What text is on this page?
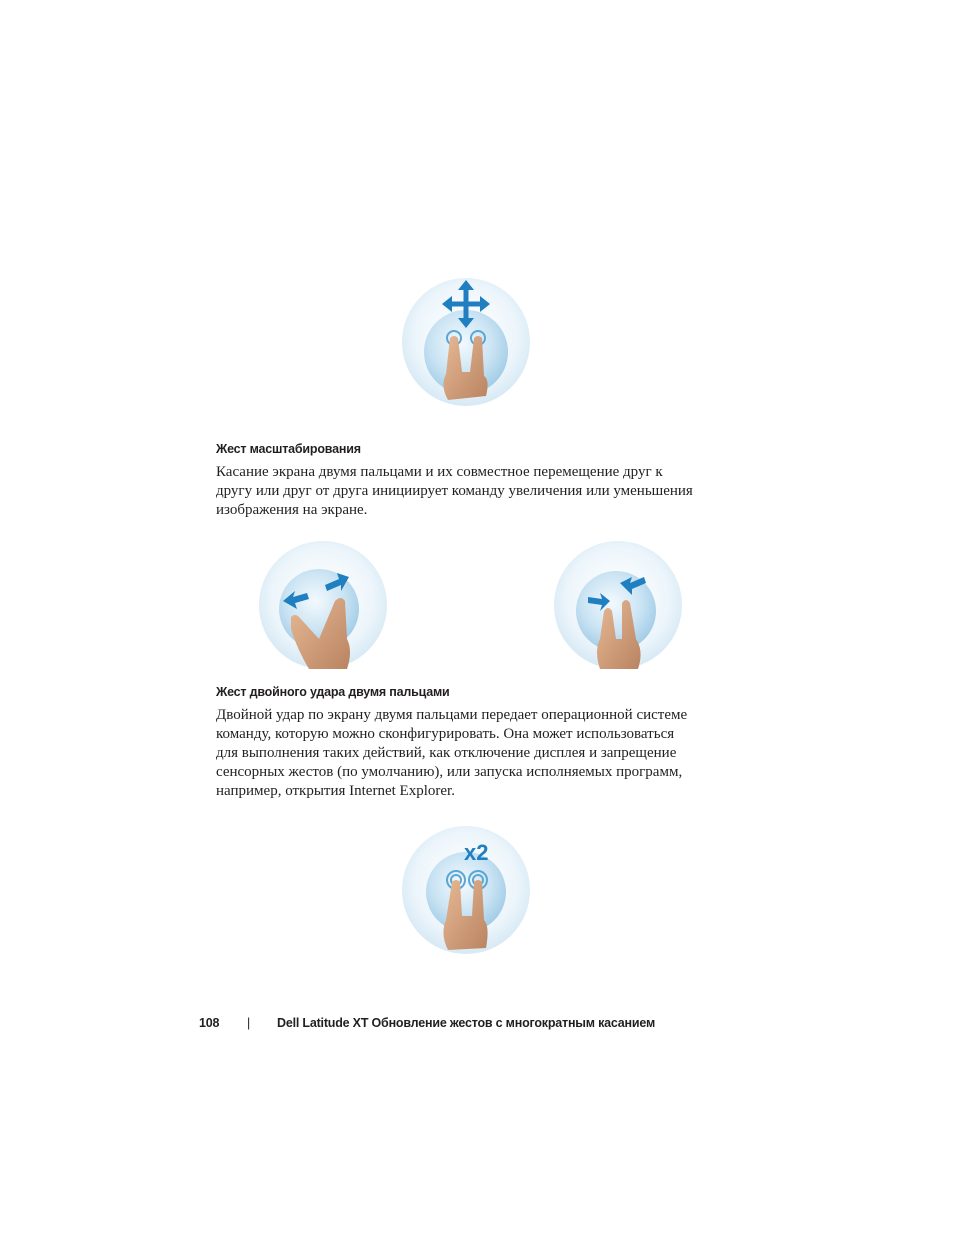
Жест масштабирования
Касание экрана двумя пальцами и их совместное перемещение друг к
другу или друг от друга инициирует команду увеличения или уменьшения
изображения на экране.
Жест двойного удара двумя пальцами
Двойной удар по экрану двумя пальцами передает операционной системе
команду, которую можно сконфигурировать. Она может использоваться
для выполнения таких действий, как отключение дисплея и запрещение
сенсорных жестов (по умолчанию), или запуска исполняемых программ,
например, открытия Internet Explorer.
x2
108 | Dell Latitude XT Обновление жестов с многократным касанием
